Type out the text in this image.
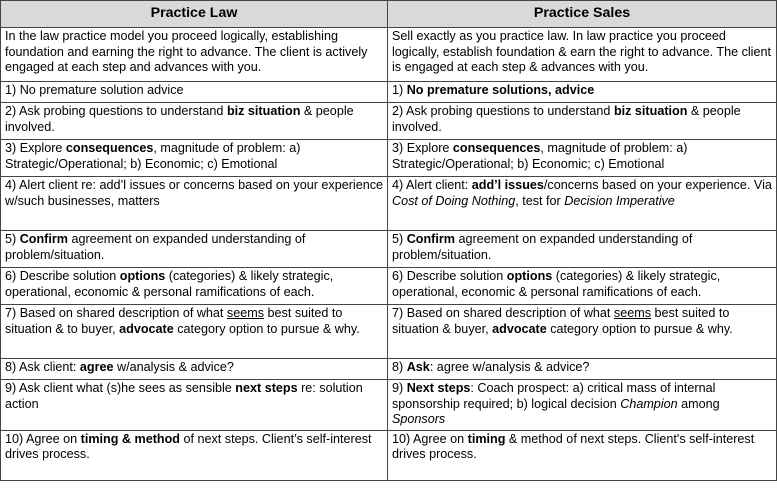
Practice Law	Practice Sales
In the law practice model you proceed logically, establishing foundation and earning the right to advance. The client is actively engaged at each step and advances with you.	Sell exactly as you practice law. In law practice you proceed logically, establish foundation & earn the right to advance. The client is engaged at each step & advances with you.
1) No premature solution advice	1) No premature solutions, advice
2) Ask probing questions to understand biz situation & people involved.	2) Ask probing questions to understand biz situation & people involved.
3) Explore consequences, magnitude of problem: a) Strategic/Operational; b) Economic; c) Emotional	3) Explore consequences, magnitude of problem: a) Strategic/Operational; b) Economic; c) Emotional
4) Alert client re: add’l issues or concerns based on your experience w/such businesses, matters	4) Alert client: add’l issues/concerns based on your experience. Via Cost of Doing Nothing, test for Decision Imperative
5) Confirm agreement on expanded understanding of problem/situation.	5) Confirm agreement on expanded understanding of problem/situation.
6) Describe solution options (categories) & likely strategic, operational, economic & personal ramifications of each.	6) Describe solution options (categories) & likely strategic, operational, economic & personal ramifications of each.
7) Based on shared description of what seems best suited to situation & to buyer, advocate category option to pursue & why.	7) Based on shared description of what seems best suited to situation & buyer, advocate category option to pursue & why.
8) Ask client: agree w/analysis & advice?	8) Ask: agree w/analysis & advice?
9) Ask client what (s)he sees as sensible next steps re: solution action	9) Next steps: Coach prospect: a) critical mass of internal sponsorship required; b) logical decision Champion among Sponsors
10) Agree on timing & method of next steps. Client’s self-interest drives process.	10) Agree on timing & method of next steps. Client's self-interest drives process.
